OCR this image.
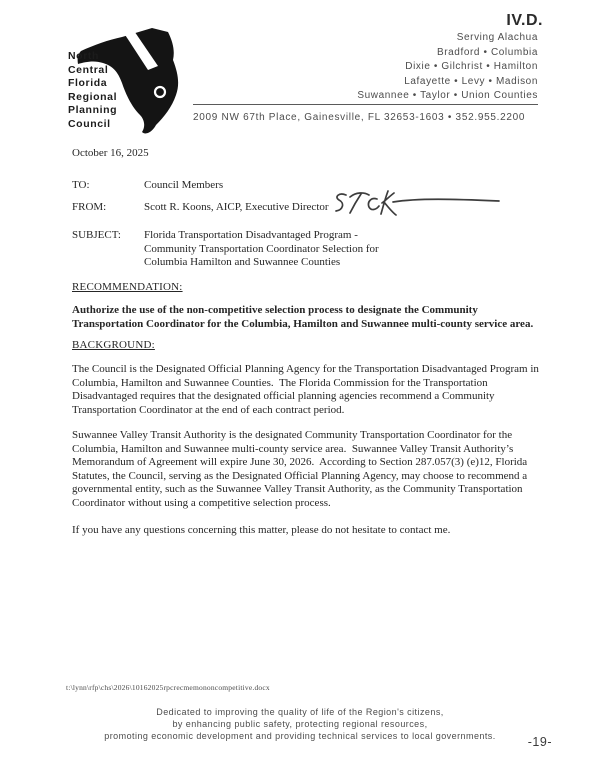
North
Central
Florida
Regional
Planning
Council
IV.D.
Serving Alachua
Bradford • Columbia
Dixie • Gilchrist • Hamilton
Lafayette • Levy • Madison
Suwannee • Taylor • Union Counties
2009 NW 67th Place, Gainesville, FL 32653-1603 • 352.955.2200
October 16, 2025
TO:	Council Members
FROM:	Scott R. Koons, AICP, Executive Director
SUBJECT: Florida Transportation Disadvantaged Program -
Community Transportation Coordinator Selection for
Columbia Hamilton and Suwannee Counties
RECOMMENDATION:
Authorize the use of the non-competitive selection process to designate the Community Transportation Coordinator for the Columbia, Hamilton and Suwannee multi-county service area.
BACKGROUND:
The Council is the Designated Official Planning Agency for the Transportation Disadvantaged Program in Columbia, Hamilton and Suwannee Counties.  The Florida Commission for the Transportation Disadvantaged requires that the designated official planning agencies recommend a Community Transportation Coordinator at the end of each contract period.
Suwannee Valley Transit Authority is the designated Community Transportation Coordinator for the Columbia, Hamilton and Suwannee multi-county service area.  Suwannee Valley Transit Authority’s Memorandum of Agreement will expire June 30, 2026.  According to Section 287.057(3) (e)12, Florida Statutes, the Council, serving as the Designated Official Planning Agency, may choose to recommend a governmental entity, such as the Suwannee Valley Transit Authority, as the Community Transportation Coordinator without using a competitive selection process.
If you have any questions concerning this matter, please do not hesitate to contact me.
t:\lynn\rfp\chs\2026\10162025rpcrecmemononcompetitive.docx
Dedicated to improving the quality of life of the Region's citizens,
by enhancing public safety, protecting regional resources,
promoting economic development and providing technical services to local governments.	-19-
